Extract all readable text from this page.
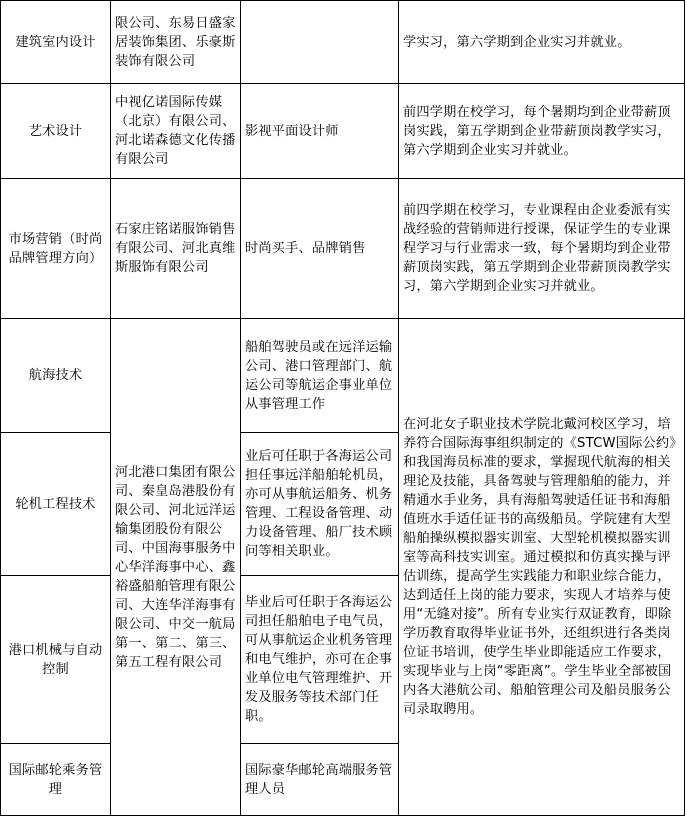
建筑室内设计	限公司、东易日盛家居装饰集团、乐豪斯装饰有限公司		学实习，第六学期到企业实习并就业。
艺术设计	中视亿诺国际传媒（北京）有限公司、河北诺森德文化传播有限公司	影视平面设计师	前四学期在校学习，每个暑期均到企业带薪顶岗实践，第五学期到企业带薪顶岗教学实习，第六学期到企业实习并就业。
市场营销（时尚品牌管理方向）	石家庄铭诺服饰销售有限公司、河北真维斯服饰有限公司	时尚买手、品牌销售	前四学期在校学习，专业课程由企业委派有实战经验的营销师进行授课，保证学生的专业课程学习与行业需求一致，每个暑期均到企业带薪顶岗实践，第五学期到企业带薪顶岗教学实习，第六学期到企业实习并就业。
航海技术	河北港口集团有限公司、秦皇岛港股份有限公司、河北远洋运输集团股份有限公司、中国海事服务中心华洋海事中心、鑫裕盛船舶管理有限公司、大连华洋海事有限公司、中交一航局第一、第二、第三、第五工程有限公司	船舶驾驶员或在远洋运输公司、港口管理部门、航运公司等航运企事业单位从事管理工作	在河北女子职业技术学院北戴河校区学习，培养符合国际海事组织制定的《STCW国际公约》和我国海员标准的要求，掌握现代航海的相关理论及技能，具备驾驶与管理船舶的能力，并精通水手业务，具有海船驾驶适任证书和海船值班水手适任证书的高级船员。学院建有大型船舶操纵模拟器实训室、大型轮机模拟器实训室等高科技实训室。通过模拟和仿真实操与评估训练，提高学生实践能力和职业综合能力，达到适任上岗的能力要求，实现人才培养与使用“无缝对接”。所有专业实行双证教育，即除学历教育取得毕业证书外，还组织进行各类岗位证书培训，使学生毕业即能适应工作要求，实现毕业与上岗“零距离”。学生毕业全部被国内各大港航公司、船舶管理公司及船员服务公司录取聘用。
轮机工程技术		业后可任职于各海运公司担任事远洋船舶轮机员，亦可从事航运船务、机务管理、工程设备管理、动力设备管理、船厂技术顾问等相关职业。	
港口机械与自动控制		毕业后可任职于各海运公司担任船舶电子电气员，可从事航运企业机务管理和电气维护，亦可在企事业单位电气管理维护、开发及服务等技术部门任职。	
国际邮轮乘务管理		国际豪华邮轮高端服务管理人员	
